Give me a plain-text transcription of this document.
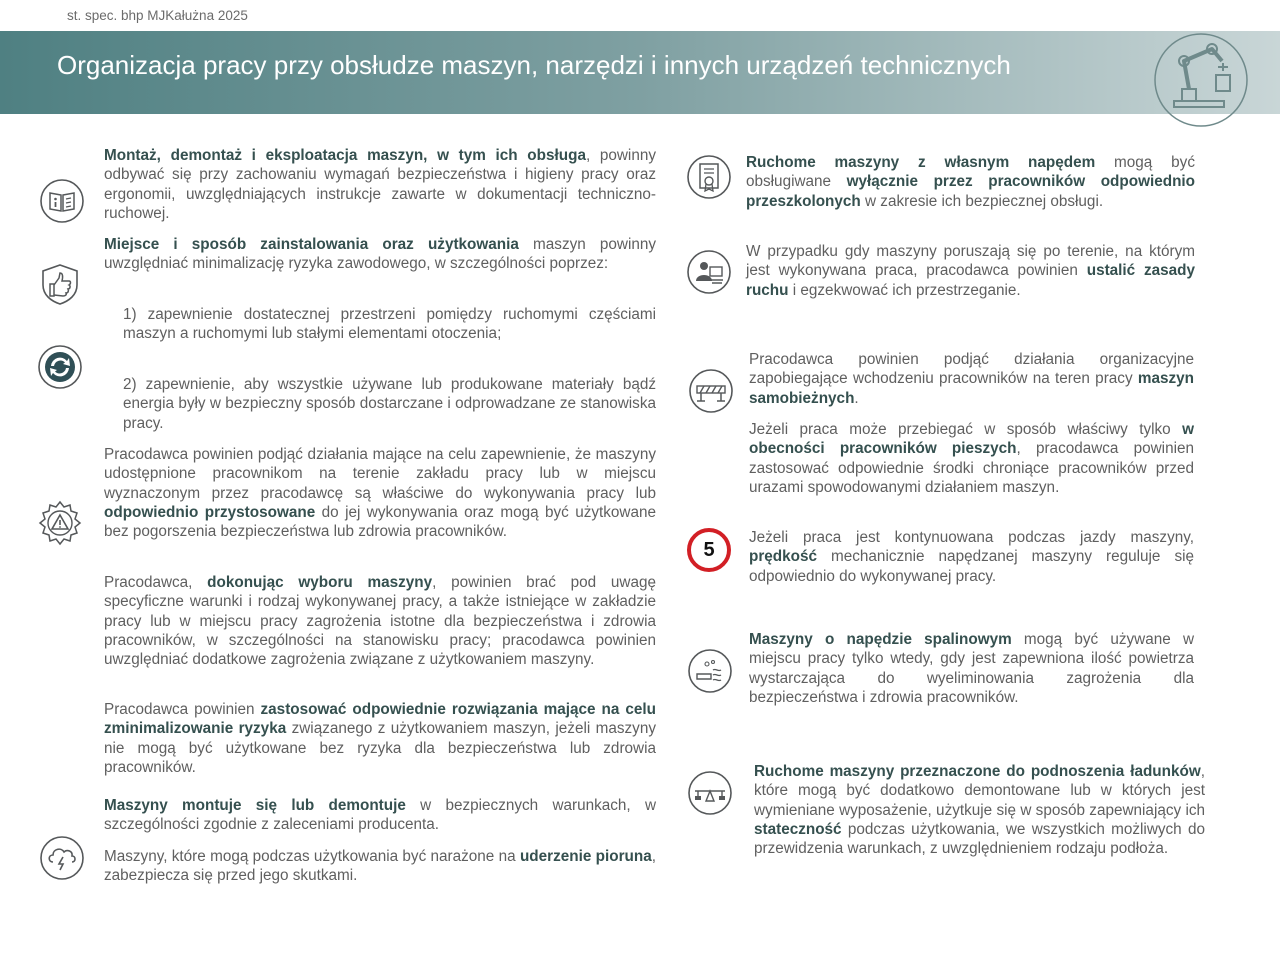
st. spec. bhp MJKałużna 2025
Organizacja pracy przy obsłudze maszyn, narzędzi i innych urządzeń technicznych
5
Montaż, demontaż i eksploatacja maszyn, w tym ich obsługa, powinny odbywać się przy zachowaniu wymagań bezpieczeństwa i higieny pracy oraz ergonomii, uwzględniających instrukcje zawarte w dokumentacji techniczno-ruchowej.
Miejsce i sposób zainstalowania oraz użytkowania maszyn powinny uwzględniać minimalizację ryzyka zawodowego, w szczególności poprzez:
1) zapewnienie dostatecznej przestrzeni pomiędzy ruchomymi częściami maszyn a ruchomymi lub stałymi elementami otoczenia;
2) zapewnienie, aby wszystkie używane lub produkowane materiały bądź energia były w bezpieczny sposób dostarczane i odprowadzane ze stanowiska pracy.
Pracodawca powinien podjąć działania mające na celu zapewnienie, że maszyny udostępnione pracownikom na terenie zakładu pracy lub w miejscu wyznaczonym przez pracodawcę są właściwe do wykonywania pracy lub odpowiednio przystosowane do jej wykonywania oraz mogą być użytkowane bez pogorszenia bezpieczeństwa lub zdrowia pracowników.
Pracodawca, dokonując wyboru maszyny, powinien brać pod uwagę specyficzne warunki i rodzaj wykonywanej pracy, a także istniejące w zakładzie pracy lub w miejscu pracy zagrożenia istotne dla bezpieczeństwa i zdrowia pracowników, w szczególności na stanowisku pracy; pracodawca powinien uwzględniać dodatkowe zagrożenia związane z użytkowaniem maszyny.
Pracodawca powinien zastosować odpowiednie rozwiązania mające na celu zminimalizowanie ryzyka związanego z użytkowaniem maszyn, jeżeli maszyny nie mogą być użytkowane bez ryzyka dla bezpieczeństwa lub zdrowia pracowników.
Maszyny montuje się lub demontuje w bezpiecznych warunkach, w szczególności zgodnie z zaleceniami producenta.
Maszyny, które mogą podczas użytkowania być narażone na uderzenie pioruna, zabezpiecza się przed jego skutkami.
Ruchome maszyny z własnym napędem mogą być obsługiwane wyłącznie przez pracowników odpowiednio przeszkolonych w zakresie ich bezpiecznej obsługi.
W przypadku gdy maszyny poruszają się po terenie, na którym jest wykonywana praca, pracodawca powinien ustalić zasady ruchu i egzekwować ich przestrzeganie.
Pracodawca powinien podjąć działania organizacyjne zapobiegające wchodzeniu pracowników na teren pracy maszyn samobieżnych.
Jeżeli praca może przebiegać w sposób właściwy tylko w obecności pracowników pieszych, pracodawca powinien zastosować odpowiednie środki chroniące pracowników przed urazami spowodowanymi działaniem maszyn.
Jeżeli praca jest kontynuowana podczas jazdy maszyny, prędkość mechanicznie napędzanej maszyny reguluje się odpowiednio do wykonywanej pracy.
Maszyny o napędzie spalinowym mogą być używane w miejscu pracy tylko wtedy, gdy jest zapewniona ilość powietrza wystarczająca do wyeliminowania zagrożenia dla bezpieczeństwa i zdrowia pracowników.
Ruchome maszyny przeznaczone do podnoszenia ładunków, które mogą być dodatkowo demontowane lub w których jest wymieniane wyposażenie, użytkuje się w sposób zapewniający ich stateczność podczas użytkowania, we wszystkich możliwych do przewidzenia warunkach, z uwzględnieniem rodzaju podłoża.
